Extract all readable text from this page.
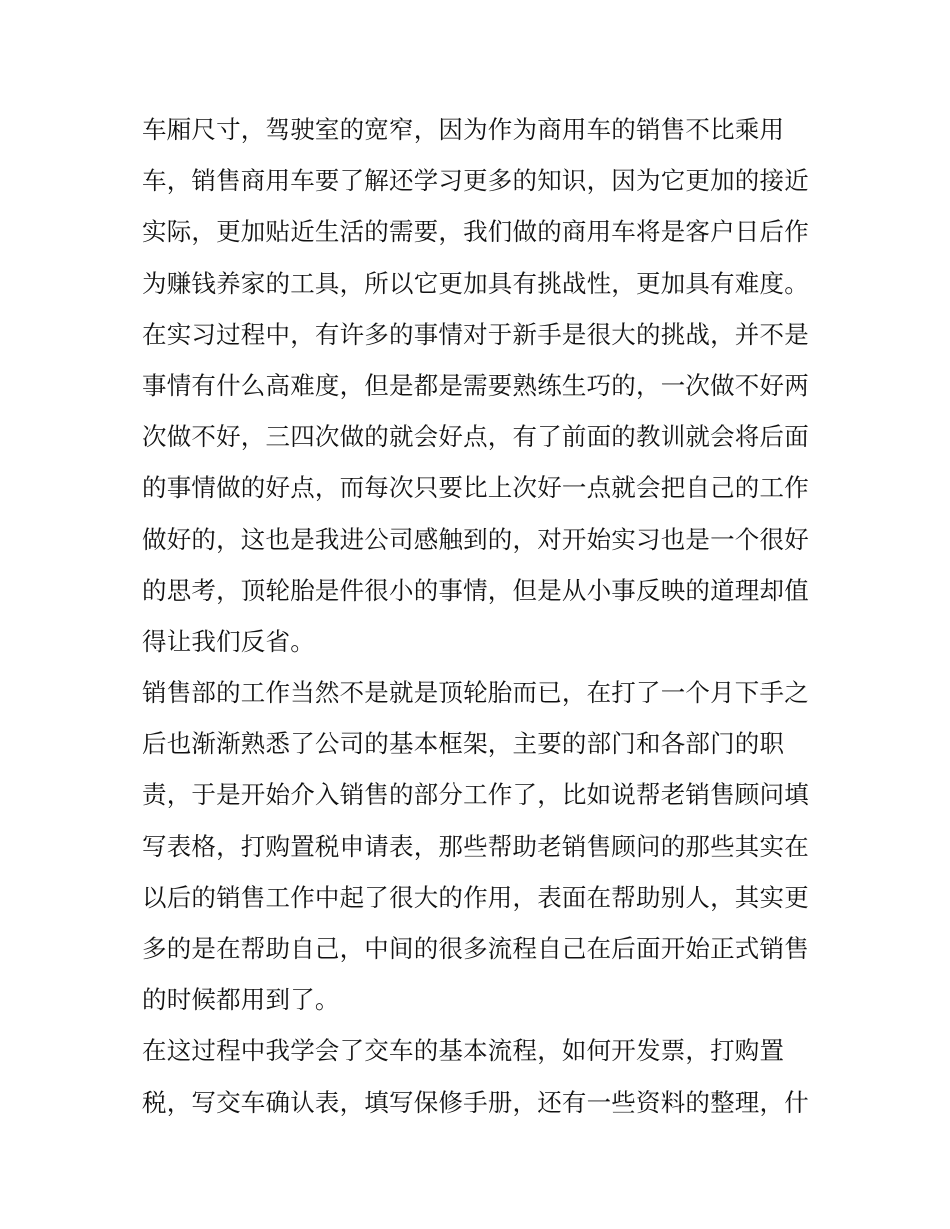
车厢尺寸，驾驶室的宽窄，因为作为商用车的销售不比乘用
车，销售商用车要了解还学习更多的知识，因为它更加的接近
实际，更加贴近生活的需要，我们做的商用车将是客户日后作
为赚钱养家的工具，所以它更加具有挑战性，更加具有难度。
在实习过程中，有许多的事情对于新手是很大的挑战，并不是
事情有什么高难度，但是都是需要熟练生巧的，一次做不好两
次做不好，三四次做的就会好点，有了前面的教训就会将后面
的事情做的好点，而每次只要比上次好一点就会把自己的工作
做好的，这也是我进公司感触到的，对开始实习也是一个很好
的思考，顶轮胎是件很小的事情，但是从小事反映的道理却值
得让我们反省。
销售部的工作当然不是就是顶轮胎而已，在打了一个月下手之
后也渐渐熟悉了公司的基本框架，主要的部门和各部门的职
责，于是开始介入销售的部分工作了，比如说帮老销售顾问填
写表格，打购置税申请表，那些帮助老销售顾问的那些其实在
以后的销售工作中起了很大的作用，表面在帮助别人，其实更
多的是在帮助自己，中间的很多流程自己在后面开始正式销售
的时候都用到了。
在这过程中我学会了交车的基本流程，如何开发票，打购置
税，写交车确认表，填写保修手册，还有一些资料的整理，什
